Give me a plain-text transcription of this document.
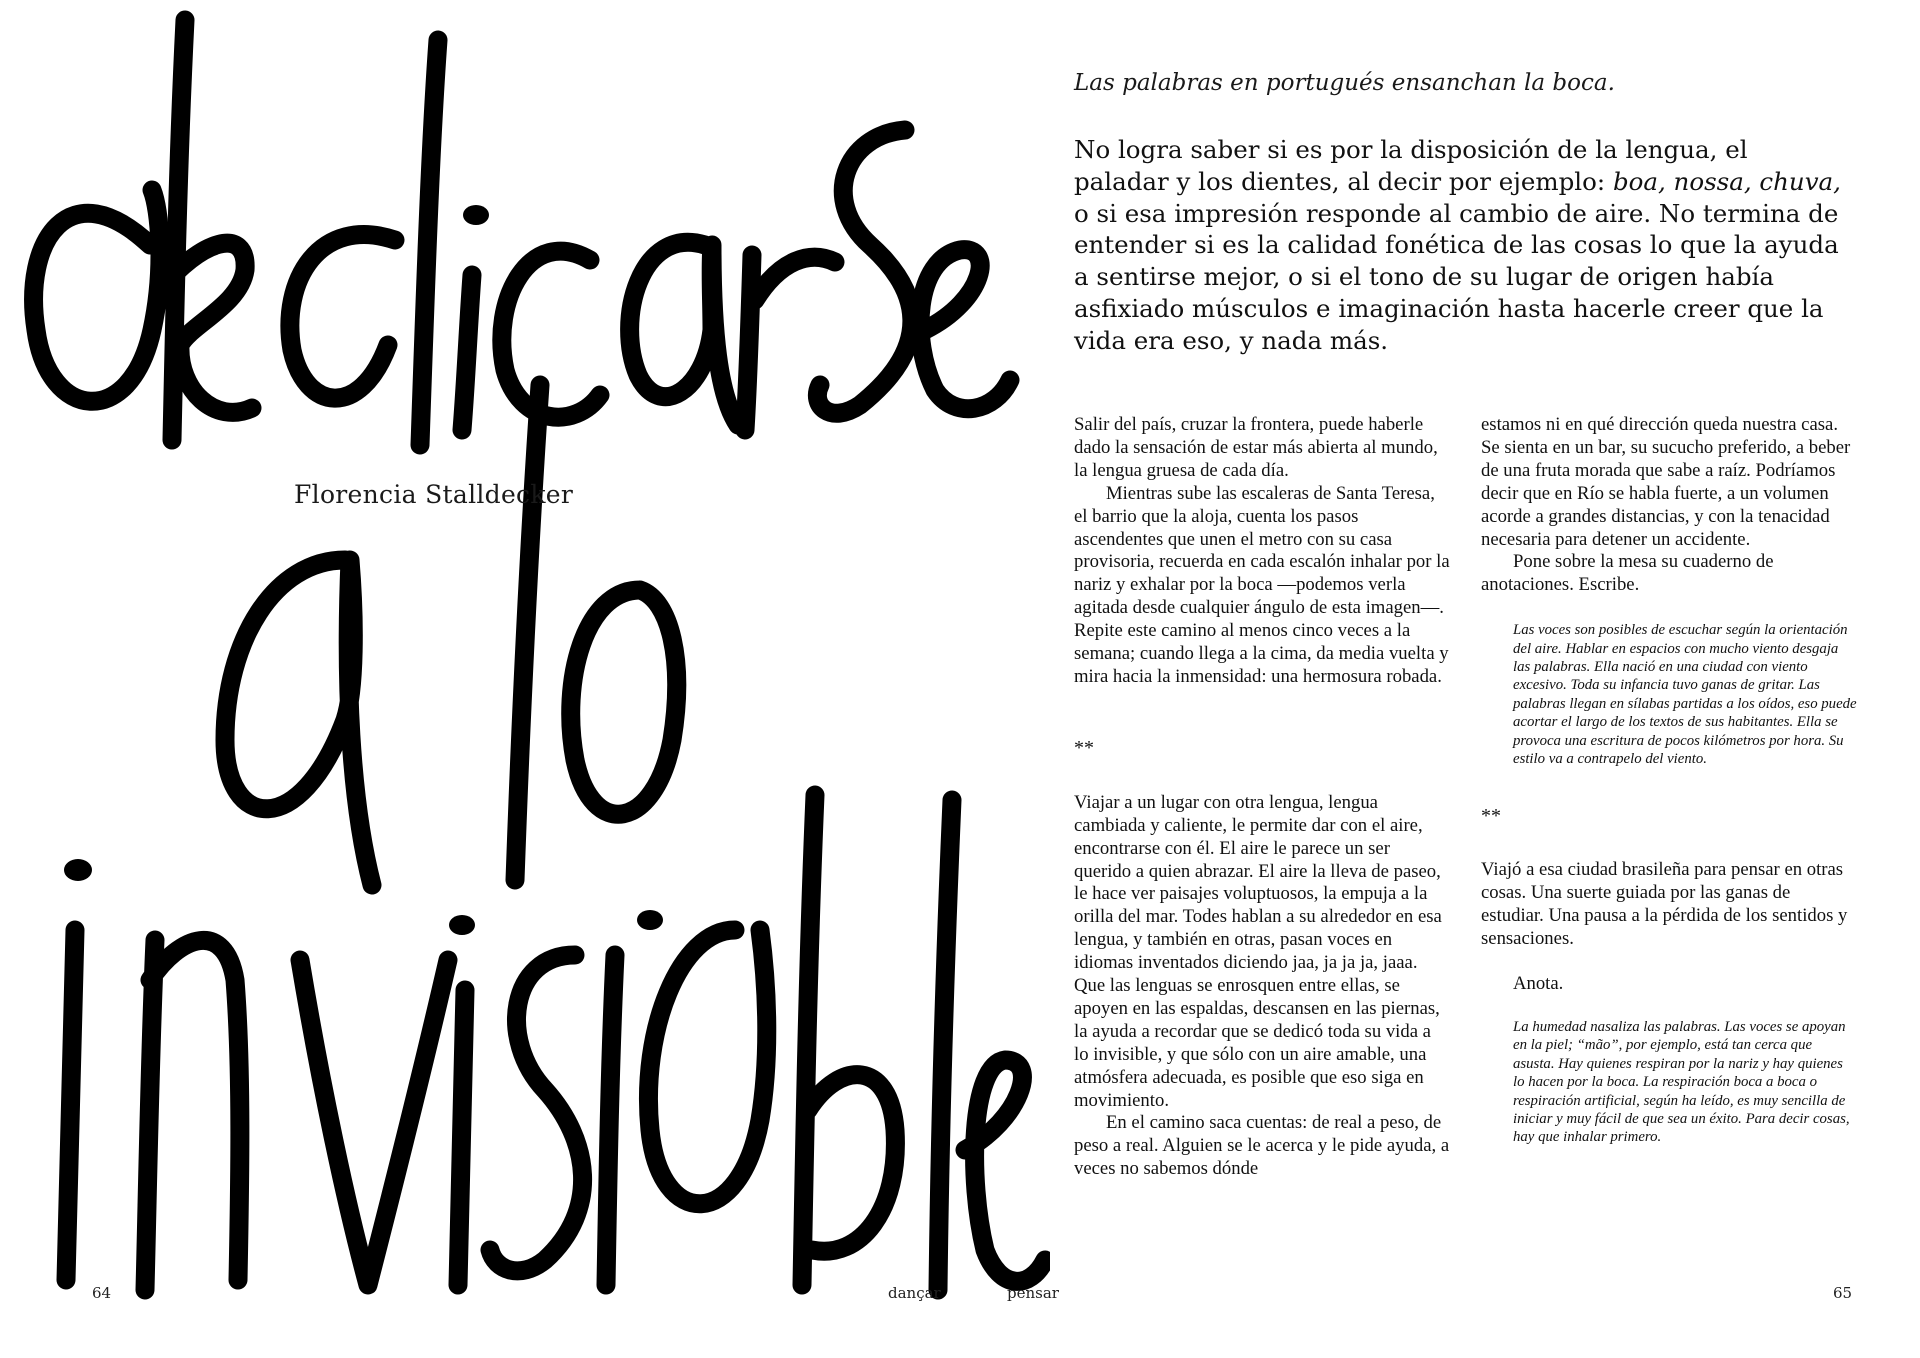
Florencia Stalldecker
64	dançar	pensar	65
Las palabras en portugués ensanchan la boca.

No logra saber si es por la disposición de la lengua, el paladar y los dientes, al decir por ejemplo: boa, nossa, chuva, o si esa impresión responde al cambio de aire. No termina de entender si es la calidad fonética de las cosas lo que la ayuda a sentirse mejor, o si el tono de su lugar de origen había asfixiado músculos e imaginación hasta hacerle creer que la vida era eso, y nada más.

Salir del país, cruzar la frontera, puede haberle dado la sensación de estar más abierta al mundo, la lengua gruesa de cada día.

Mientras sube las escaleras de Santa Teresa, el barrio que la aloja, cuenta los pasos ascendentes que unen el metro con su casa provisoria, recuerda en cada escalón inhalar por la nariz y exhalar por la boca —podemos verla agitada desde cualquier ángulo de esta imagen—. Repite este camino al menos cinco veces a la semana; cuando llega a la cima, da media vuelta y mira hacia la inmensidad: una hermosura robada.

**

Viajar a un lugar con otra lengua, lengua cambiada y caliente, le permite dar con el aire, encontrarse con él. El aire le parece un ser querido a quien abrazar. El aire la lleva de paseo, le hace ver paisajes voluptuosos, la empuja a la orilla del mar. Todes hablan a su alrededor en esa lengua, y también en otras, pasan voces en idiomas inventados diciendo jaa, ja ja ja, jaaa. Que las lenguas se enrosquen entre ellas, se apoyen en las espaldas, descansen en las piernas, la ayuda a recordar que se dedicó toda su vida a lo invisible, y que sólo con un aire amable, una atmósfera adecuada, es posible que eso siga en movimiento.

En el camino saca cuentas: de real a peso, de peso a real. Alguien se le acerca y le pide ayuda, a veces no sabemos dónde

estamos ni en qué dirección queda nuestra casa. Se sienta en un bar, su sucucho preferido, a beber de una fruta morada que sabe a raíz. Podríamos decir que en Río se habla fuerte, a un volumen acorde a grandes distancias, y con la tenacidad necesaria para detener un accidente.

Pone sobre la mesa su cuaderno de anotaciones. Escribe.

Las voces son posibles de escuchar según la orientación del aire. Hablar en espacios con mucho viento desgaja las palabras. Ella nació en una ciudad con viento excesivo. Toda su infancia tuvo ganas de gritar. Las palabras llegan en sílabas partidas a los oídos, eso puede acortar el largo de los textos de sus habitantes. Ella se provoca una escritura de pocos kilómetros por hora. Su estilo va a contrapelo del viento.

**

Viajó a esa ciudad brasileña para pensar en otras cosas. Una suerte guiada por las ganas de estudiar. Una pausa a la pérdida de los sentidos y sensaciones.

Anota.

La humedad nasaliza las palabras. Las voces se apoyan en la piel; “mão”, por ejemplo, está tan cerca que asusta. Hay quienes respiran por la nariz y hay quienes lo hacen por la boca. La respiración boca a boca o respiración artificial, según ha leído, es muy sencilla de iniciar y muy fácil de que sea un éxito. Para decir cosas, hay que inhalar primero.
